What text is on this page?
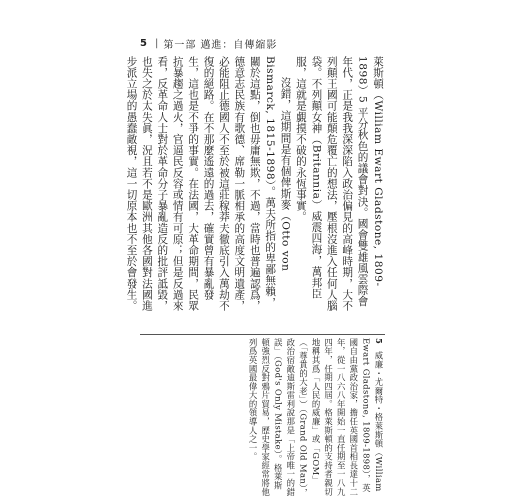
5 | 第一部 邁進：自傳縮影

萊斯頓（William Ewart Gladstone, 1809-1898）5 平分秋色的議會對決。國會雙雄風雲際會年代，正是我我深深陷入政治偏見的高峰時期，大不列顛王國可能顛危覆亡的想法，壓根沒進入任何人腦袋。不列顛女神（Britannia）威震四海，萬邦臣服，這就是覷摸不破的永恆事實。

沒錯，這期間是有個俾斯麥（Otto von Bismarck, 1815-1898）。萬夫所指的卑鄙無賴，關於這點，倒也毋庸無欺，不過，當時也普遍認爲，德意志民族有歌德、席勒一脈相承的高度文明遺產，必能阻止德國人不至於被這莊稼莽夫徹底引入萬劫不復的絕路。在不那麼遙遠的過去，確實曾有暴亂發生，這也是不爭的事實。在法國，大革命期間，民眾抗暴趨之過火，官逼民反容或情有可原；但是反過來看，反革命人士對於革命分子暴亂造反的批評詆毀，也失之於太失眞，況且若不是歐洲其他各國對法國進步派立場的愚蠢敵視，這一切原本也不至於會發生。

5 威廉・尤爾特・格萊斯頓（William Ewart Gladstone, 1809-1898），英國自由黨政治家，擔任英國首相長達十二年，從一八六八年開始一直任期至一八九四年，任期四屆。格萊斯頓的支持者親切地稱其爲「人民的威廉」或「GOM」（「尊貴的大老」）（Grand Old Man），政治宿敵迪斯雷利說那是「上帝唯一的錯誤」（God's Only Mistake）。格萊斯頓強烈反對鴉片貿易，歷史學家經常將他列爲英國最偉大的領導人之一。
